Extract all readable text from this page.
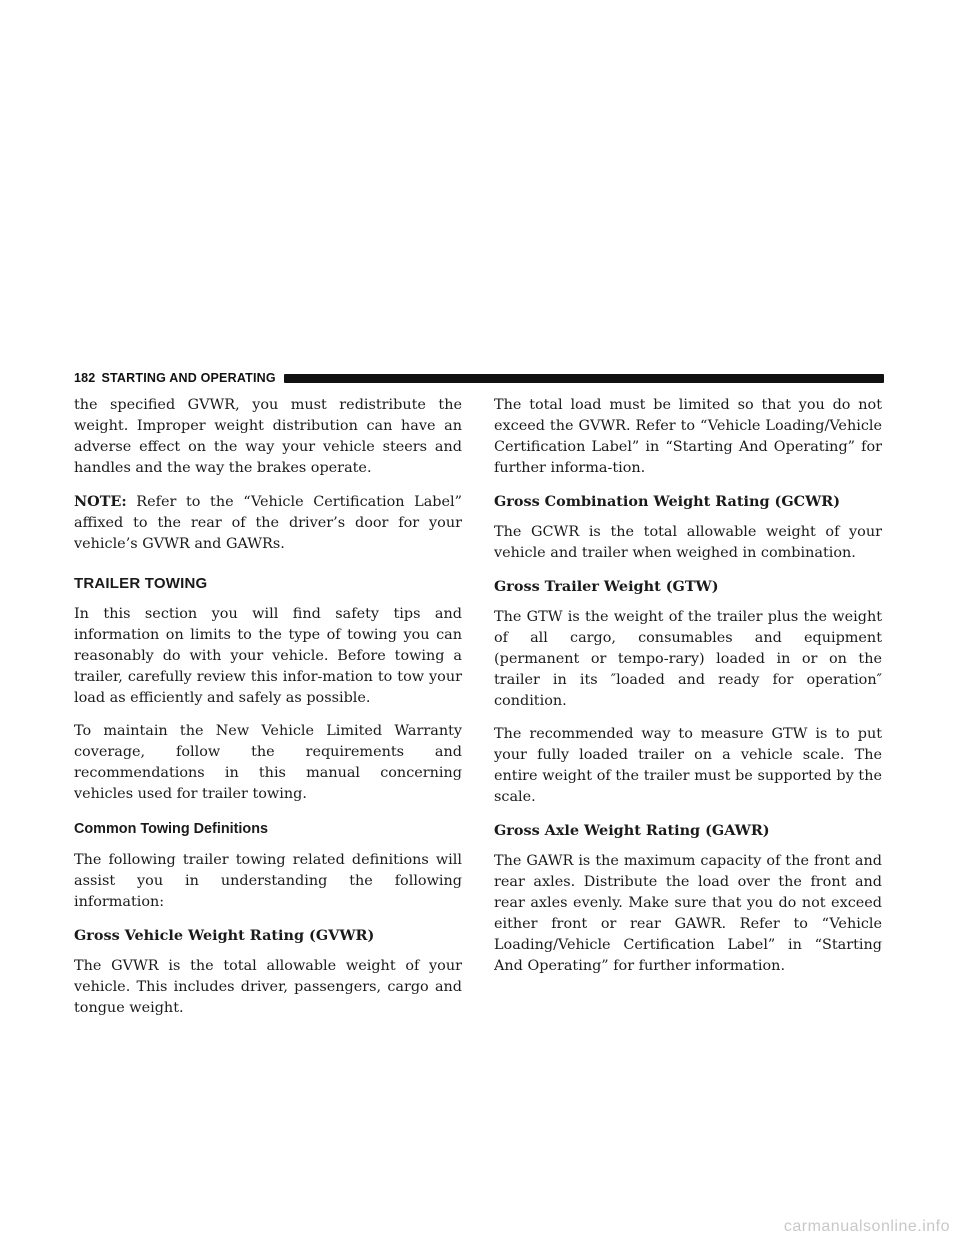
182 STARTING AND OPERATING

the specified GVWR, you must redistribute the weight. Improper weight distribution can have an adverse effect on the way your vehicle steers and handles and the way the brakes operate.

NOTE: Refer to the “Vehicle Certification Label” affixed to the rear of the driver’s door for your vehicle’s GVWR and GAWRs.

TRAILER TOWING

In this section you will find safety tips and information on limits to the type of towing you can reasonably do with your vehicle. Before towing a trailer, carefully review this infor-mation to tow your load as efficiently and safely as possible.

To maintain the New Vehicle Limited Warranty coverage, follow the requirements and recommendations in this manual concerning vehicles used for trailer towing.

Common Towing Definitions

The following trailer towing related definitions will assist you in understanding the following information:

Gross Vehicle Weight Rating (GVWR)

The GVWR is the total allowable weight of your vehicle. This includes driver, passengers, cargo and tongue weight.

The total load must be limited so that you do not exceed the GVWR. Refer to “Vehicle Loading/Vehicle Certification Label” in “Starting And Operating” for further informa-tion.

Gross Combination Weight Rating (GCWR)

The GCWR is the total allowable weight of your vehicle and trailer when weighed in combination.

Gross Trailer Weight (GTW)

The GTW is the weight of the trailer plus the weight of all cargo, consumables and equipment (permanent or tempo-rary) loaded in or on the trailer in its ″loaded and ready for operation″ condition.

The recommended way to measure GTW is to put your fully loaded trailer on a vehicle scale. The entire weight of the trailer must be supported by the scale.

Gross Axle Weight Rating (GAWR)

The GAWR is the maximum capacity of the front and rear axles. Distribute the load over the front and rear axles evenly. Make sure that you do not exceed either front or rear GAWR. Refer to “Vehicle Loading/Vehicle Certification Label” in “Starting And Operating” for further information.

carmanualsonline.info
